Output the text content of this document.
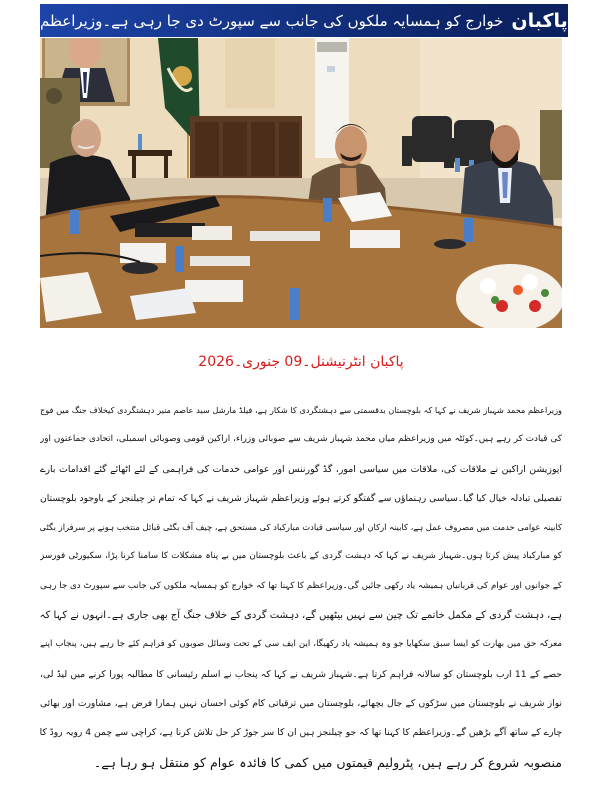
خوارج کو ہمسایہ ملکوں کی جانب سے سپورٹ دی جا رہی ہے۔وزیراعظم پاکبان
پاکبان انٹرنیشنل۔09 جنوری۔2026
وزیراعظم محمد شہباز شریف نے کہا کہ بلوچستان بدقسمتی سے دہشتگردی کا شکار ہے، فیلڈ مارشل سید عاصم منیر دہشتگردی کیخلاف جنگ میں فوج
کی قیادت کر رہے ہیں۔کوئٹہ میں وزیراعظم میاں محمد شہباز شریف سے صوبائی وزراء، اراکین قومی وصوبائی اسمبلی، اتحادی جماعتوں اور
اپوزیشن اراکین نے ملاقات کی، ملاقات میں سیاسی امور، گڈ گورننس اور عوامی خدمات کی فراہمی کے لئے اٹھائے گئے اقدامات بارے
تفصیلی تبادلہ خیال کیا گیا۔سیاسی رہنماؤں سے گفتگو کرتے ہوئے وزیراعظم شہباز شریف نے کہا کہ تمام تر چیلنجز کے باوجود بلوچستان
کابینہ عوامی خدمت میں مصروف عمل ہے، کابینہ ارکان اور سیاسی قیادت مبارکباد کی مستحق ہے، چیف آف بگٹی قبائل منتخب ہونے پر سرفراز بگٹی
کو مبارکباد پیش کرتا ہوں۔شہباز شریف نے کہا کہ دہشت گردی کے باعث بلوچستان میں بے پناہ مشکلات کا سامنا کرنا پڑا، سکیورٹی فورسز
کے جوانوں اور عوام کی قربانیاں ہمیشہ یاد رکھی جائیں گی۔وزیراعظم کا کہنا تھا کہ خوارج کو ہمسایہ ملکوں کی جانب سے سپورٹ دی جا رہی
ہے، دہشت گردی کے مکمل خاتمے تک چین سے نہیں بیٹھیں گے، دہشت گردی کے خلاف جنگ آج بھی جاری ہے۔انہوں نے کہا کہ
معرکہ حق میں بھارت کو ایسا سبق سکھایا جو وہ ہمیشہ یاد رکھیگا، این ایف سی کے تحت وسائل صوبوں کو فراہم کئے جا رہے ہیں، پنجاب اپنے
حصے کے 11 ارب بلوچستان کو سالانہ فراہم کرتا ہے۔شہباز شریف نے کہا کہ پنجاب نے اسلم رئیسانی کا مطالبہ پورا کرنے میں لیڈ لی،
نواز شریف نے بلوچستان میں سڑکوں کے جال بچھائے، بلوچستان میں ترقیاتی کام کوئی احسان نہیں ہمارا فرض ہے، مشاورت اور بھائی
چارے کے ساتھ آگے بڑھیں گے۔وزیراعظم کا کہنا تھا کہ جو چیلنجز ہیں ان کا سر جوڑ کر حل تلاش کرنا ہے، کراچی سے چمن 4 رویہ روڈ کا
منصوبہ شروع کر رہے ہیں، پٹرولیم قیمتوں میں کمی کا فائدہ عوام کو منتقل ہو رہا ہے۔
